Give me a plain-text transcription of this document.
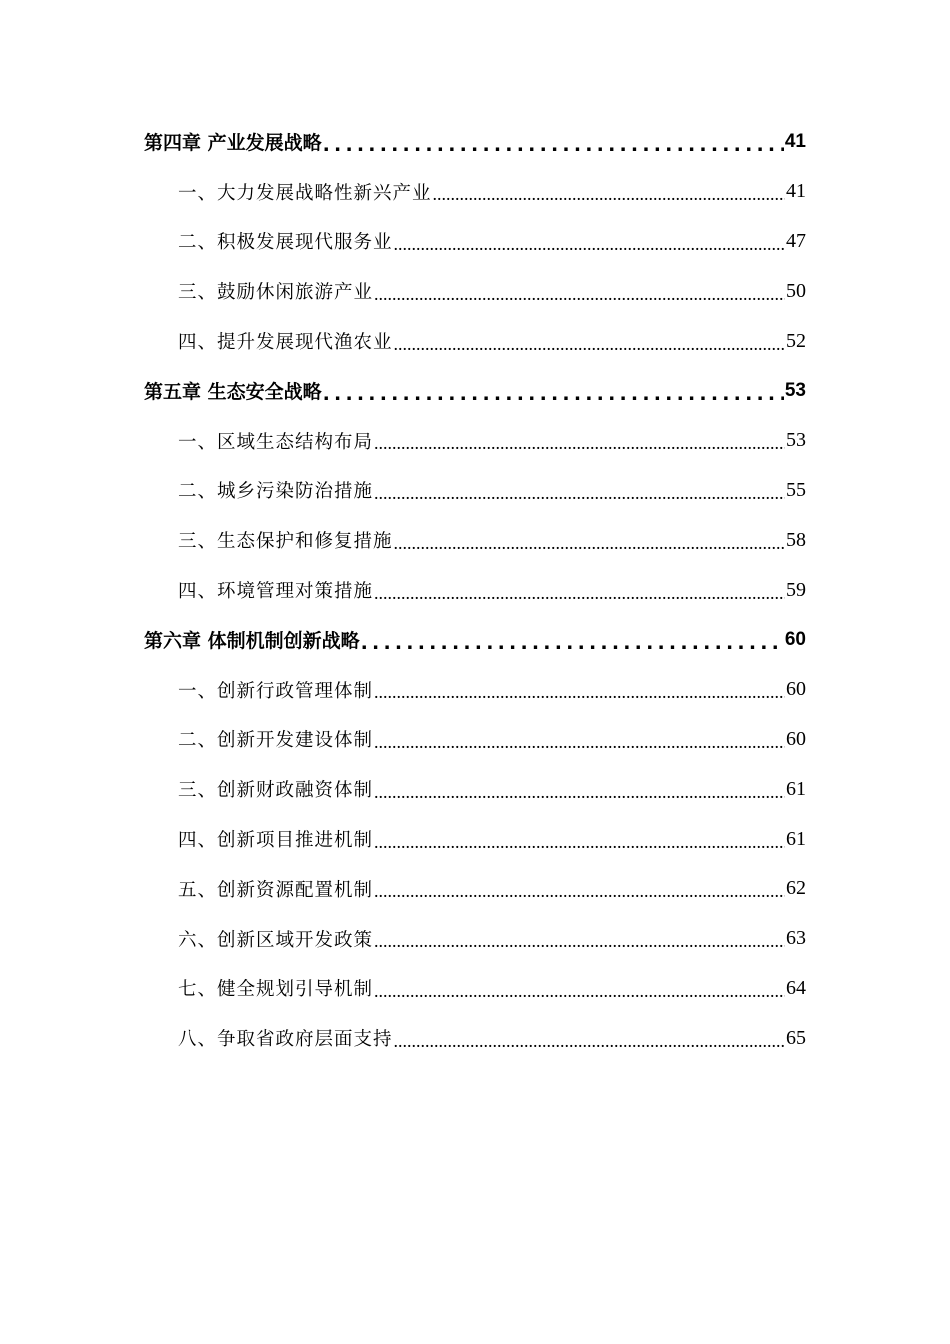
第四章 产业发展战略 .....	41
一、大力发展战略性新兴产业 .....	41
二、积极发展现代服务业 .....	47
三、鼓励休闲旅游产业 .....	50
四、提升发展现代渔农业 .....	52
第五章 生态安全战略 .....	53
一、区域生态结构布局 .....	53
二、城乡污染防治措施 .....	55
三、生态保护和修复措施 .....	58
四、环境管理对策措施 .....	59
第六章 体制机制创新战略 .....	60
一、创新行政管理体制 .....	60
二、创新开发建设体制 .....	60
三、创新财政融资体制 .....	61
四、创新项目推进机制 .....	61
五、创新资源配置机制 .....	62
六、创新区域开发政策 .....	63
七、健全规划引导机制 .....	64
八、争取省政府层面支持 .....	65
